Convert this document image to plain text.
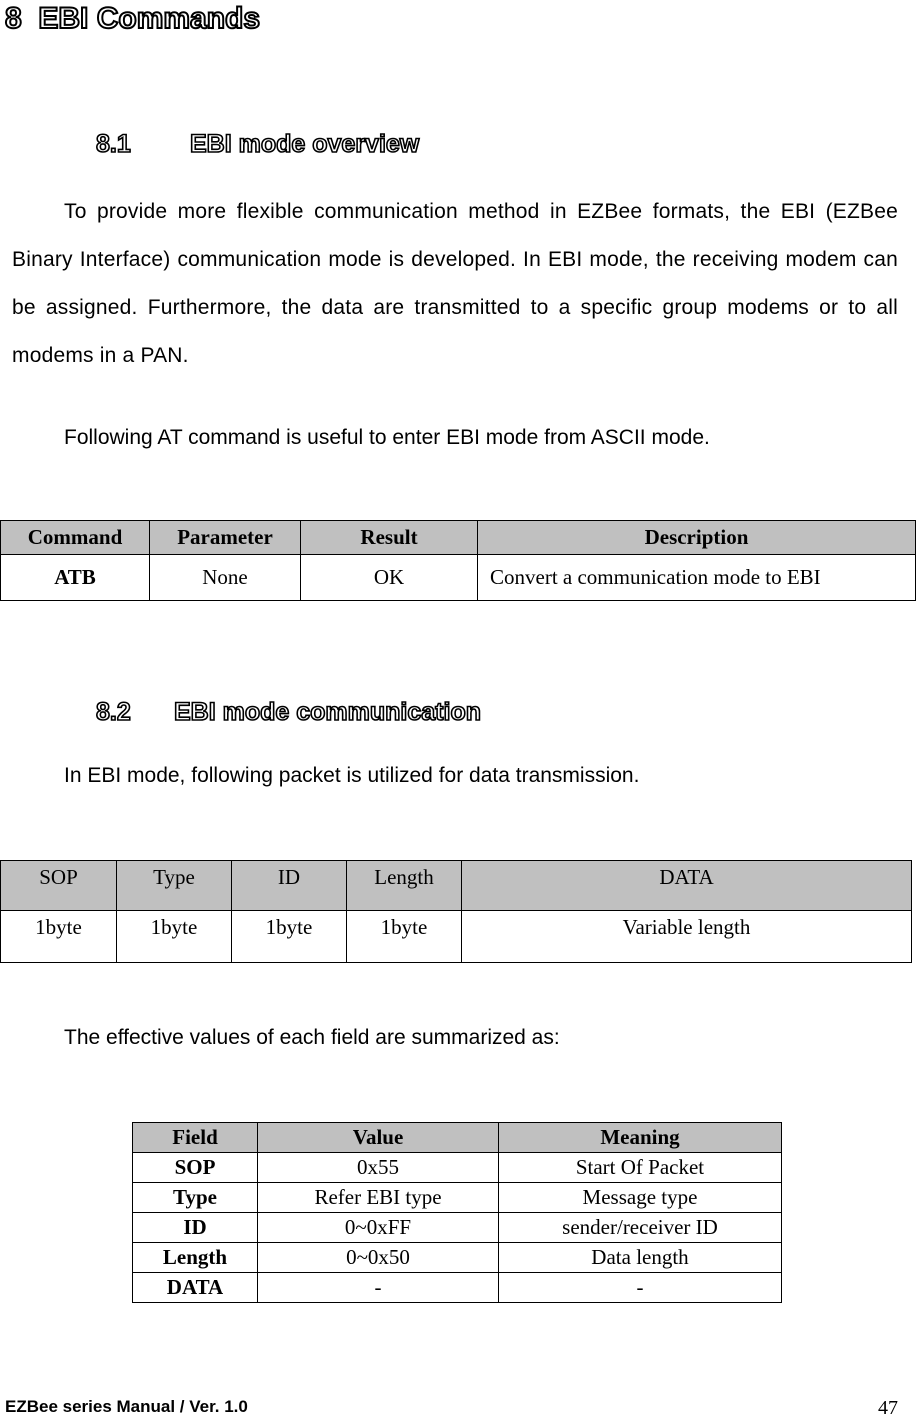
8 EBI Commands
8.1 EBI mode overview

To provide more flexible communication method in EZBee formats, the EBI (EZBee Binary Interface) communication mode is developed. In EBI mode, the receiving modem can be assigned. Furthermore, the data are transmitted to a specific group modems or to all modems in a PAN.

Following AT command is useful to enter EBI mode from ASCII mode.
Command	Parameter	Result	Description
ATB	None	OK	Convert a communication mode to EBI
8.2 EBI mode communication
In EBI mode, following packet is utilized for data transmission.
SOP	Type	ID	Length	DATA
1byte	1byte	1byte	1byte	Variable length
The effective values of each field are summarized as:
Field	Value	Meaning
SOP	0x55	Start Of Packet
Type	Refer EBI type	Message type
ID	0~0xFF	sender/receiver ID
Length	0~0x50	Data length
DATA	-	-
EZBee series Manual / Ver. 1.0	47
